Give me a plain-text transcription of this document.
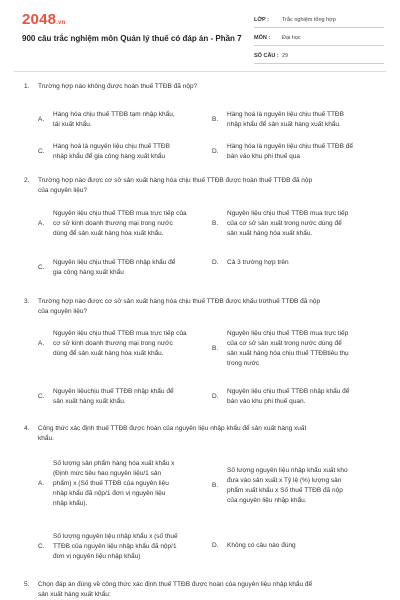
2048.vn
900 câu trắc nghiệm môn Quản lý thuế có đáp án - Phần 7
LỚP :	Trắc nghiệm tổng hợp
MÔN :	Đại học
SỐ CÂU : 29
1. Trường hợp nào không được hoàn thuế TTĐB đã nộp?
A.
Hàng hóa chịu thuế TTĐB tạm nhập khẩu,
tái xuất khẩu.
B.
Hàng hoá là nguyên liệu chịu thuế TTĐB
nhập khẩu để sản xuất hàng xuất khẩu.
C.
Hàng hoá là nguyên liệu chịu thuế TTĐB
nhập khẩu để gia công hàng xuất khẩu
D.
Hàng hóa là nguyên liệu chịu thuế TTĐB để
bán vào khu phi thuế qua
2. Trường hợp nào được cơ sở sản xuất hàng hóa chịu thuế TTĐB được hoàn thuế TTĐB đã nộp
của nguyên liệu?
A.
Nguyên liệu chịu thuế TTĐB mua trực tiếp của
cơ sở kinh doanh thương mại trong nước
dùng để sản xuất hàng hóa xuất khẩu.
B.
Nguyên liệu chịu thuế TTĐB mua trực tiếp
của cơ sở sản xuất trong nước dùng để
sản xuất hàng hóa xuất khẩu.
C.
Nguyên liệu chịu thuế TTĐB nhập khẩu để
gia công hàng xuất khẩu
D. Cả 3 trường hợp trên
3. Trường hợp nào được cơ sở sản xuất hàng hóa chịu thuế TTĐB được khấu trừthuế TTĐB đã nộp
của nguyên liệu?
A.
Nguyên liệu chịu thuế TTĐB mua trực tiếp của
cơ sở kinh doanh thương mại trong nước
dùng để sản xuất hàng hóa xuất khẩu.
B.
Nguyên liệu chịu thuế TTĐB mua trực tiếp
của cơ sở sản xuất trong nước dùng để
sản xuất hàng hóa chịu thuế TTĐBtiêu thụ
trong nước
C.
Nguyên liệuchịu thuế TTĐB nhập khẩu để
sản xuất hàng xuất khẩu.
D.
Nguyên liệu chịu thuế TTĐB nhập khẩu để
bán vào khu phi thuế quan.
4. Công thức xác định thuế TTĐB được hoàn của nguyên liệu nhập khẩu để sản xuất hàng xuất
khẩu.
A.
Số lượng sản phẩm hàng hóa xuất khẩu x
(Định mức tiêu hao nguyên liệu/1 sản
phẩm) x (Số thuế TTĐB của nguyên liệu
nhập khẩu đã nộp/1 đơn vị nguyên liệu
nhập khẩu).
B.
Số lượng nguyên liệu nhập khẩu xuất kho
đưa vào sản xuất x Tỷ lệ (%) lượng sản
phẩm xuất khẩu x Số thuế TTĐB đã nộp
của nguyên liệu nhập khẩu.
C.
Số lượng nguyên liệu nhập khẩu x (số thuế
TTĐB của nguyên liệu nhập khẩu đã nộp/1
đơn vị nguyên liệu nhập khẩu)
D. Không có câu nào đúng
5. Chọn đáp án đúng về công thức xác định thuế TTĐB được hoàn của nguyên liệu nhập khẩu để
sản xuất hàng xuất khẩu:
